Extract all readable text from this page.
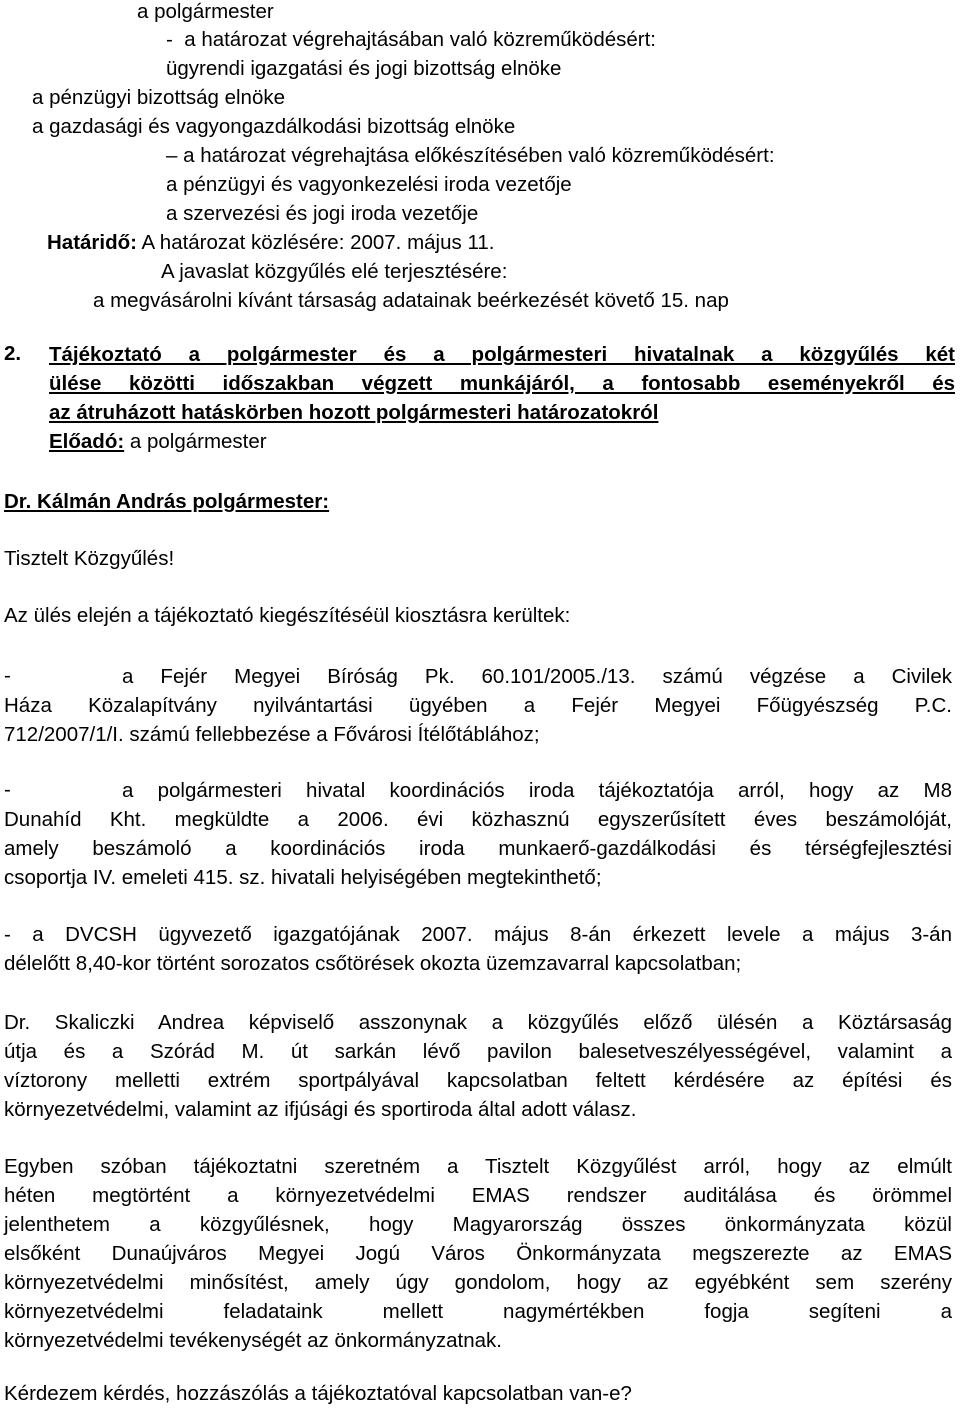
a polgármester
-  a határozat végrehajtásában való közreműködésért:
ügyrendi igazgatási és jogi bizottság elnöke
a pénzügyi bizottság elnöke
a gazdasági és vagyongazdálkodási bizottság elnöke
– a határozat végrehajtása előkészítésében való közreműködésért:
a pénzügyi és vagyonkezelési iroda vezetője
a szervezési és jogi iroda vezetője
Határidő: A határozat közlésére: 2007. május 11.
A javaslat közgyűlés elé terjesztésére:
a megvásárolni kívánt társaság adatainak beérkezését követő 15. nap
2. Tájékoztató a polgármester és a polgármesteri hivatalnak a közgyűlés két
ülése közötti időszakban végzett munkájáról, a fontosabb eseményekről és
az átruházott hatáskörben hozott polgármesteri határozatokról
Előadó: a polgármester
Dr. Kálmán András polgármester:
Tisztelt Közgyűlés!
Az ülés elején a tájékoztató kiegészítéséül kiosztásra kerültek:
-	a Fejér Megyei Bíróság Pk. 60.101/2005./13. számú végzése a Civilek
Háza Közalapítvány nyilvántartási ügyében a Fejér Megyei Főügyészség P.C.
712/2007/1/I. számú fellebbezése a Fővárosi Ítélőtáblához;
-	a polgármesteri hivatal koordinációs iroda tájékoztatója arról, hogy az M8
Dunahíd Kht. megküldte a 2006. évi közhasznú egyszerűsített éves beszámolóját,
amely beszámoló a koordinációs iroda munkaerő-gazdálkodási és térségfejlesztési
csoportja IV. emeleti 415. sz. hivatali helyiségében megtekinthető;
- a DVCSH ügyvezető igazgatójának 2007. május 8-án érkezett levele a május 3-án
délelőtt 8,40-kor történt sorozatos csőtörések okozta üzemzavarral kapcsolatban;
Dr. Skaliczki Andrea képviselő asszonynak a közgyűlés előző ülésén a Köztársaság
útja és a Szórád M. út sarkán lévő pavilon balesetveszélyességével, valamint a
víztorony melletti extrém sportpályával kapcsolatban feltett kérdésére az építési és
környezetvédelmi, valamint az ifjúsági és sportiroda által adott válasz.
Egyben szóban tájékoztatni szeretném a Tisztelt Közgyűlést arról, hogy az elmúlt
héten megtörtént a környezetvédelmi EMAS rendszer auditálása és örömmel
jelenthetem a közgyűlésnek, hogy Magyarország összes önkormányzata közül
elsőként Dunaújváros Megyei Jogú Város Önkormányzata megszerezte az EMAS
környezetvédelmi minősítést, amely úgy gondolom, hogy az egyébként sem szerény
környezetvédelmi feladataink mellett nagymértékben fogja segíteni a
környezetvédelmi tevékenységét az önkormányzatnak.
Kérdezem kérdés, hozzászólás a tájékoztatóval kapcsolatban van-e?
